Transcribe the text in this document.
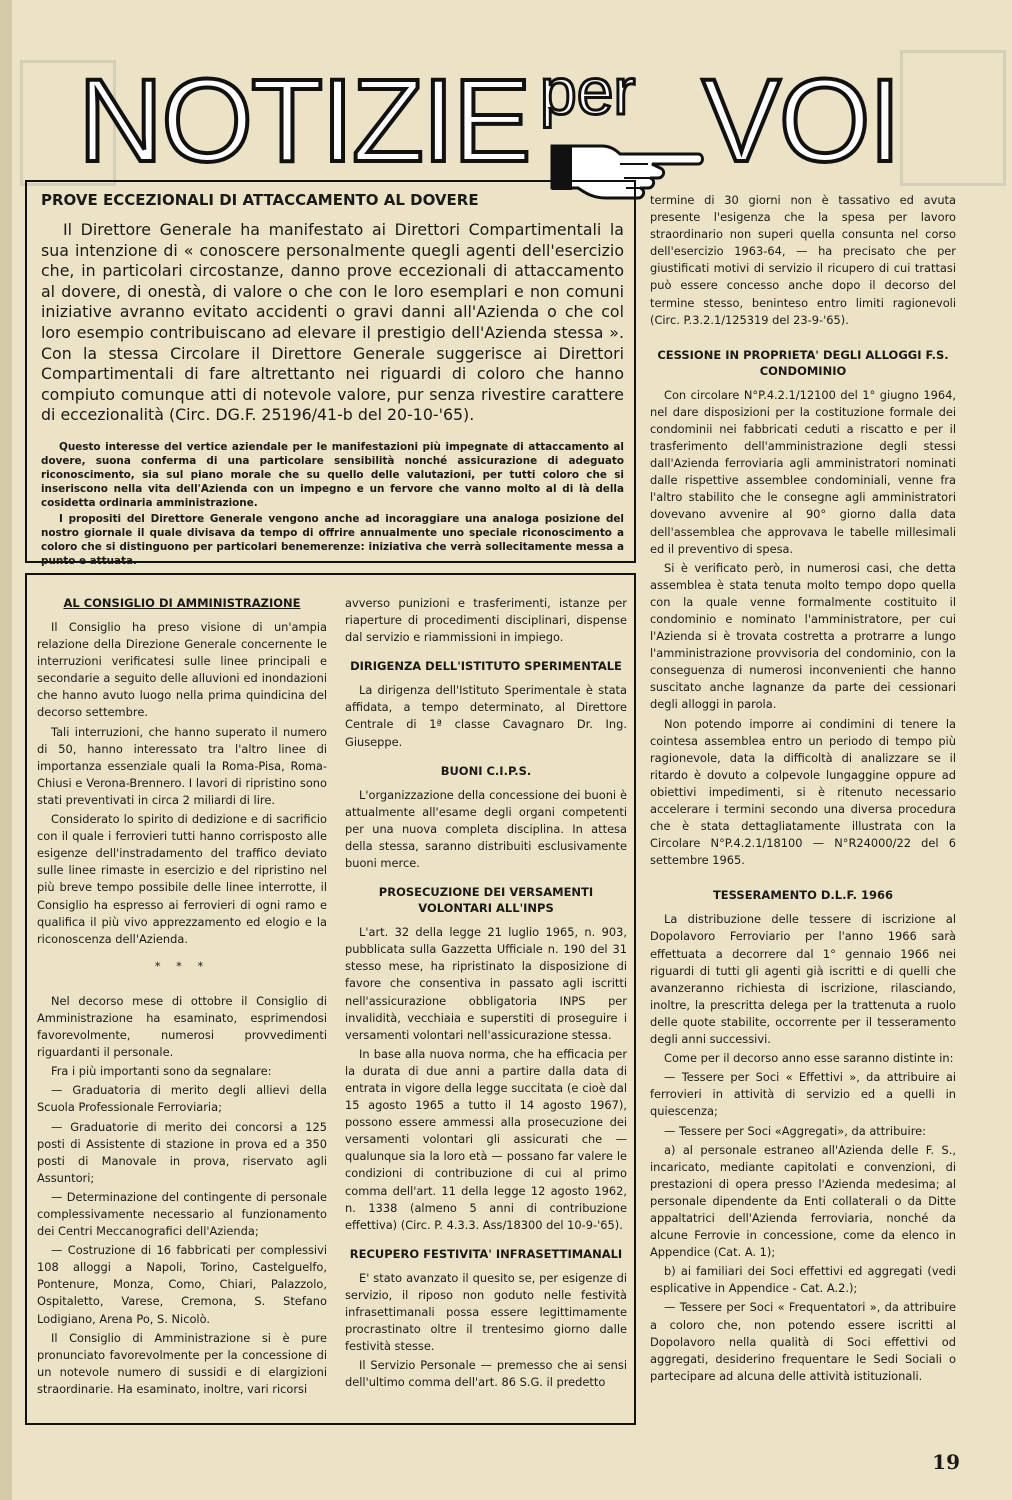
NOTIZIE per VOI
PROVE ECCEZIONALI DI ATTACCAMENTO AL DOVERE

Il Direttore Generale ha manifestato ai Direttori Compartimentali la sua intenzione di « conoscere personalmente quegli agenti dell'esercizio che, in particolari circostanze, danno prove eccezionali di attaccamento al dovere, di onestà, di valore o che con le loro esemplari e non comuni iniziative avranno evitato accidenti o gravi danni all'Azienda o che col loro esempio contribuiscano ad elevare il prestigio dell'Azienda stessa ». Con la stessa Circolare il Direttore Generale suggerisce ai Direttori Compartimentali di fare altrettanto nei riguardi di coloro che hanno compiuto comunque atti di notevole valore, pur senza rivestire carattere di eccezionalità (Circ. DG.F. 25196/41-b del 20-10-'65).

Questo interesse del vertice aziendale per le manifestazioni più impegnate di attaccamento al dovere, suona conferma di una particolare sensibilità nonché assicurazione di adeguato riconoscimento, sia sul piano morale che su quello delle valutazioni, per tutti coloro che si inseriscono nella vita dell'Azienda con un impegno e un fervore che vanno molto al di là della cosidetta ordinaria amministrazione.

I propositi del Direttore Generale vengono anche ad incoraggiare una analoga posizione del nostro giornale il quale divisava da tempo di offrire annualmente uno speciale riconoscimento a coloro che si distinguono per particolari benemerenze: iniziativa che verrà sollecitamente messa a punto e attuata.

AL CONSIGLIO DI AMMINISTRAZIONE

Il Consiglio ha preso visione di un'ampia relazione della Direzione Generale concernente le interruzioni verificatesi sulle linee principali e secondarie a seguito delle alluvioni ed inondazioni che hanno avuto luogo nella prima quindicina del decorso settembre.

Tali interruzioni, che hanno superato il numero di 50, hanno interessato tra l'altro linee di importanza essenziale quali la Roma-Pisa, Roma-Chiusi e Verona-Brennero. I lavori di ripristino sono stati preventivati in circa 2 miliardi di lire.

Considerato lo spirito di dedizione e di sacrificio con il quale i ferrovieri tutti hanno corrisposto alle esigenze dell'instradamento del traffico deviato sulle linee rimaste in esercizio e del ripristino nel più breve tempo possibile delle linee interrotte, il Consiglio ha espresso ai ferrovieri di ogni ramo e qualifica il più vivo apprezzamento ed elogio e la riconoscenza dell'Azienda.

* * *

Nel decorso mese di ottobre il Consiglio di Amministrazione ha esaminato, esprimendosi favorevolmente, numerosi provvedimenti riguardanti il personale.

Fra i più importanti sono da segnalare:

— Graduatoria di merito degli allievi della Scuola Professionale Ferroviaria;

— Graduatorie di merito dei concorsi a 125 posti di Assistente di stazione in prova ed a 350 posti di Manovale in prova, riservato agli Assuntori;

— Determinazione del contingente di personale complessivamente necessario al funzionamento dei Centri Meccanografici dell'Azienda;

— Costruzione di 16 fabbricati per complessivi 108 alloggi a Napoli, Torino, Castelguelfo, Pontenure, Monza, Como, Chiari, Palazzolo, Ospitaletto, Varese, Cremona, S. Stefano Lodigiano, Arena Po, S. Nicolò.

Il Consiglio di Amministrazione si è pure pronunciato favorevolmente per la concessione di un notevole numero di sussidi e di elargizioni straordinarie. Ha esaminato, inoltre, vari ricorsi

avverso punizioni e trasferimenti, istanze per riaperture di procedimenti disciplinari, dispense dal servizio e riammissioni in impiego.

DIRIGENZA DELL'ISTITUTO SPERIMENTALE

La dirigenza dell'Istituto Sperimentale è stata affidata, a tempo determinato, al Direttore Centrale di 1ª classe Cavagnaro Dr. Ing. Giuseppe.

BUONI C.I.P.S.

L'organizzazione della concessione dei buoni è attualmente all'esame degli organi competenti per una nuova completa disciplina. In attesa della stessa, saranno distribuiti esclusivamente buoni merce.

PROSECUZIONE DEI VERSAMENTI VOLONTARI ALL'INPS

L'art. 32 della legge 21 luglio 1965, n. 903, pubblicata sulla Gazzetta Ufficiale n. 190 del 31 stesso mese, ha ripristinato la disposizione di favore che consentiva in passato agli iscritti nell'assicurazione obbligatoria INPS per invalidità, vecchiaia e superstiti di proseguire i versamenti volontari nell'assicurazione stessa.

In base alla nuova norma, che ha efficacia per la durata di due anni a partire dalla data di entrata in vigore della legge succitata (e cioè dal 15 agosto 1965 a tutto il 14 agosto 1967), possono essere ammessi alla prosecuzione dei versamenti volontari gli assicurati che — qualunque sia la loro età — possano far valere le condizioni di contribuzione di cui al primo comma dell'art. 11 della legge 12 agosto 1962, n. 1338 (almeno 5 anni di contribuzione effettiva) (Circ. P. 4.3.3. Ass/18300 del 10-9-'65).

RECUPERO FESTIVITA' INFRASETTIMANALI

E' stato avanzato il quesito se, per esigenze di servizio, il riposo non goduto nelle festività infrasettimanali possa essere legittimamente procrastinato oltre il trentesimo giorno dalle festività stesse.

Il Servizio Personale — premesso che ai sensi dell'ultimo comma dell'art. 86 S.G. il predetto

termine di 30 giorni non è tassativo ed avuta presente l'esigenza che la spesa per lavoro straordinario non superi quella consunta nel corso dell'esercizio 1963-64, — ha precisato che per giustificati motivi di servizio il ricupero di cui trattasi può essere concesso anche dopo il decorso del termine stesso, beninteso entro limiti ragionevoli (Circ. P.3.2.1/125319 del 23-9-'65).

CESSIONE IN PROPRIETA' DEGLI ALLOGGI F.S. CONDOMINIO

Con circolare N°P.4.2.1/12100 del 1° giugno 1964, nel dare disposizioni per la costituzione formale dei condominii nei fabbricati ceduti a riscatto e per il trasferimento dell'amministrazione degli stessi dall'Azienda ferroviaria agli amministratori nominati dalle rispettive assemblee condominiali, venne fra l'altro stabilito che le consegne agli amministratori dovevano avvenire al 90° giorno dalla data dell'assemblea che approvava le tabelle millesimali ed il preventivo di spesa.

Si è verificato però, in numerosi casi, che detta assemblea è stata tenuta molto tempo dopo quella con la quale venne formalmente costituito il condominio e nominato l'amministratore, per cui l'Azienda si è trovata costretta a protrarre a lungo l'amministrazione provvisoria del condominio, con la conseguenza di numerosi inconvenienti che hanno suscitato anche lagnanze da parte dei cessionari degli alloggi in parola.

Non potendo imporre ai condimini di tenere la cointesa assemblea entro un periodo di tempo più ragionevole, data la difficoltà di analizzare se il ritardo è dovuto a colpevole lungaggine oppure ad obiettivi impedimenti, si è ritenuto necessario accelerare i termini secondo una diversa procedura che è stata dettagliatamente illustrata con la Circolare N°P.4.2.1/18100 — N°R24000/22 del 6 settembre 1965.

TESSERAMENTO D.L.F. 1966

La distribuzione delle tessere di iscrizione al Dopolavoro Ferroviario per l'anno 1966 sarà effettuata a decorrere dal 1° gennaio 1966 nei riguardi di tutti gli agenti già iscritti e di quelli che avanzeranno richiesta di iscrizione, rilasciando, inoltre, la prescritta delega per la trattenuta a ruolo delle quote stabilite, occorrente per il tesseramento degli anni successivi.

Come per il decorso anno esse saranno distinte in:

— Tessere per Soci « Effettivi », da attribuire ai ferrovieri in attività di servizio ed a quelli in quiescenza;

— Tessere per Soci «Aggregati», da attribuire:

a) al personale estraneo all'Azienda delle F. S., incaricato, mediante capitolati e convenzioni, di prestazioni di opera presso l'Azienda medesima; al personale dipendente da Enti collaterali o da Ditte appaltatrici dell'Azienda ferroviaria, nonché da alcune Ferrovie in concessione, come da elenco in Appendice (Cat. A. 1);

b) ai familiari dei Soci effettivi ed aggregati (vedi esplicative in Appendice - Cat. A.2.);

— Tessere per Soci « Frequentatori », da attribuire a coloro che, non potendo essere iscritti al Dopolavoro nella qualità di Soci effettivi od aggregati, desiderino frequentare le Sedi Sociali o partecipare ad alcuna delle attività istituzionali.

19
